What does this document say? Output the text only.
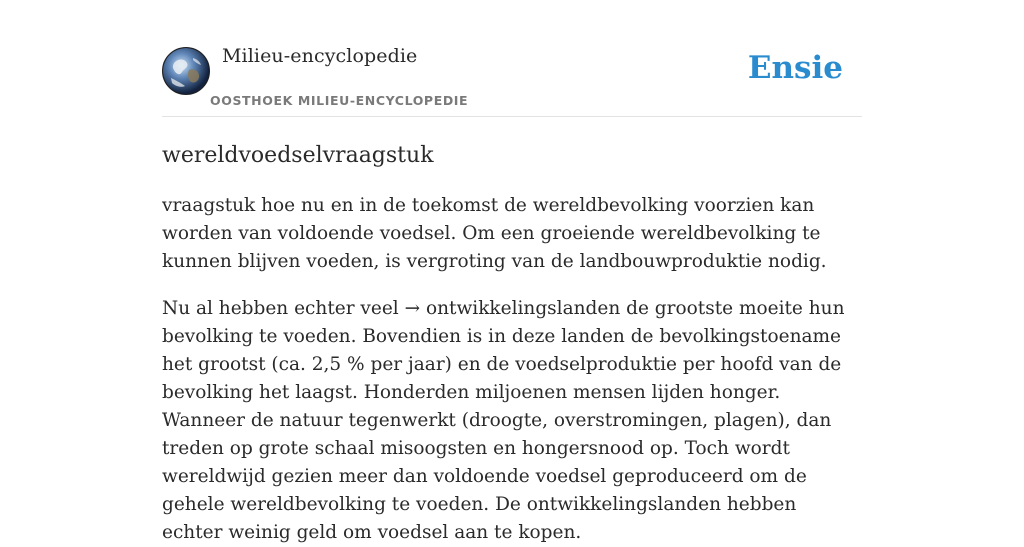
Milieu-encyclopedie
OOSTHOEK MILIEU-ENCYCLOPEDIE
Ensie
wereldvoedselvraagstuk

vraagstuk hoe nu en in de toekomst de wereldbevolking voorzien kan worden van voldoende voedsel. Om een groeiende wereldbevolking te kunnen blijven voeden, is vergroting van de landbouwproduktie nodig.

Nu al hebben echter veel → ontwikkelingslanden de grootste moeite hun bevolking te voeden. Bovendien is in deze landen de bevolkingstoename het grootst (ca. 2,5 % per jaar) en de voedselproduktie per hoofd van de bevolking het laagst. Honderden miljoenen mensen lijden honger. Wanneer de natuur tegenwerkt (droogte, overstromingen, plagen), dan treden op grote schaal misoogsten en hongersnood op. Toch wordt wereldwijd gezien meer dan voldoende voedsel geproduceerd om de gehele wereldbevolking te voeden. De ontwikkelingslanden hebben echter weinig geld om voedsel aan te kopen.
